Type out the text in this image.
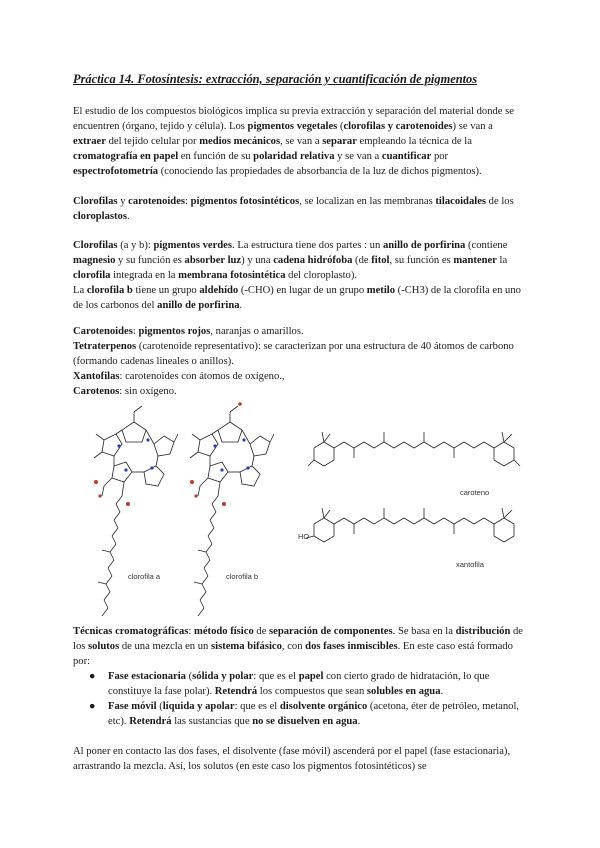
Práctica 14. Fotosíntesis: extracción, separación y cuantificación de pigmentos
El estudio de los compuestos biológicos implica su previa extracción y separación del material donde se encuentren (órgano, tejido y célula). Los pigmentos vegetales (clorofilas y carotenoides) se van a extraer del tejido celular por medios mecánicos, se van a separar empleando la técnica de la cromatografía en papel en función de su polaridad relativa y se van a cuantificar por espectrofotometría (conociendo las propiedades de absorbancia de la luz de dichos pigmentos).
Clorofilas y carotenoides: pigmentos fotosintéticos, se localizan en las membranas tilacoidales de los cloroplastos.

Clorofilas (a y b): pigmentos verdes. La estructura tiene dos partes : un anillo de porfirina (contiene magnesio y su función es absorber luz) y una cadena hidrófoba (de fitol, su función es mantener la clorofila integrada en la membrana fotosintética del cloroplasto).

La clorofila b tiene un grupo aldehído (-CHO) en lugar de un grupo metilo (-CH3) de la clorofila en uno de los carbonos del anillo de porfirina.

Carotenoides: pigmentos rojos, naranjas o amarillos.

Tetraterpenos (carotenoide representativo): se caracterizan por una estructura de 40 átomos de carbono (formando cadenas lineales o anillos).

Xantofilas: carotenoides con átomos de oxígeno.,

Carotenos: sin oxígeno.

clorofila a	clorofila b
caroteno
HO
xantofila

Técnicas cromatográficas: método físico de separación de componentes. Se basa en la distribución de los solutos de una mezcla en un sistema bifásico, con dos fases inmiscibles. En este caso está formado por:

● Fase estacionaria (sólida y polar: que es el papel con cierto grado de hidratación, lo que constituye la fase polar). Retendrá los compuestos que sean solubles en agua.
● Fase móvil (líquida y apolar: que es el disolvente orgánico (acetona, éter de petróleo, metanol, etc). Retendrá las sustancias que no se disuelven en agua.
Al poner en contacto las dos fases, el disolvente (fase móvil) ascenderá por el papel (fase estacionaria), arrastrando la mezcla. Así, los solutos (en este caso los pigmentos fotosintéticos) se
